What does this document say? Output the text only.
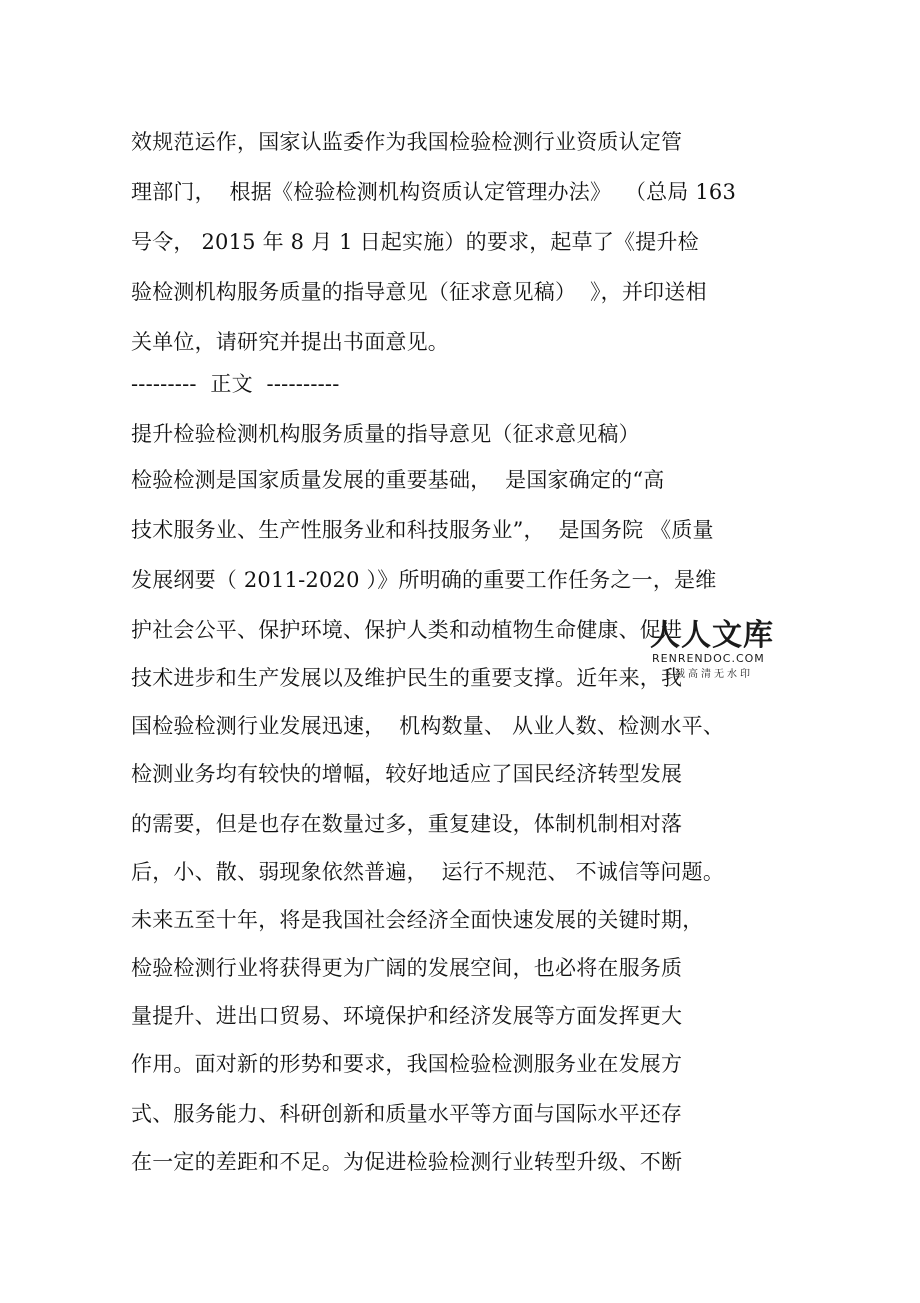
效规范运作，国家认监委作为我国检验检测行业资质认定管
理部门，  根据《检验检测机构资质认定管理办法》  （总局 163
号令， 2015 年 8 月 1 日起实施）的要求，起草了《提升检
验检测机构服务质量的指导意见（征求意见稿）  》，并印送相
关单位，请研究并提出书面意见。
---------  正文  ----------
提升检验检测机构服务质量的指导意见（征求意见稿）
检验检测是国家质量发展的重要基础，  是国家确定的“高
技术服务业、生产性服务业和科技服务业”，  是国务院 《质量
发展纲要（ 2011-2020 ）》所明确的重要工作任务之一，是维
护社会公平、保护环境、保护人类和动植物生命健康、促进
技术进步和生产发展以及维护民生的重要支撑。近年来，我
国检验检测行业发展迅速，  机构数量、 从业人数、检测水平、
检测业务均有较快的增幅，较好地适应了国民经济转型发展
的需要，但是也存在数量过多，重复建设，体制机制相对落
后，小、散、弱现象依然普遍，  运行不规范、 不诚信等问题。
未来五至十年，将是我国社会经济全面快速发展的关键时期，
检验检测行业将获得更为广阔的发展空间，也必将在服务质
量提升、进出口贸易、环境保护和经济发展等方面发挥更大
作用。面对新的形势和要求，我国检验检测服务业在发展方
式、服务能力、科研创新和质量水平等方面与国际水平还存
在一定的差距和不足。为促进检验检测行业转型升级、不断
人人文库
RENRENDOC.COM
下载高清无水印
